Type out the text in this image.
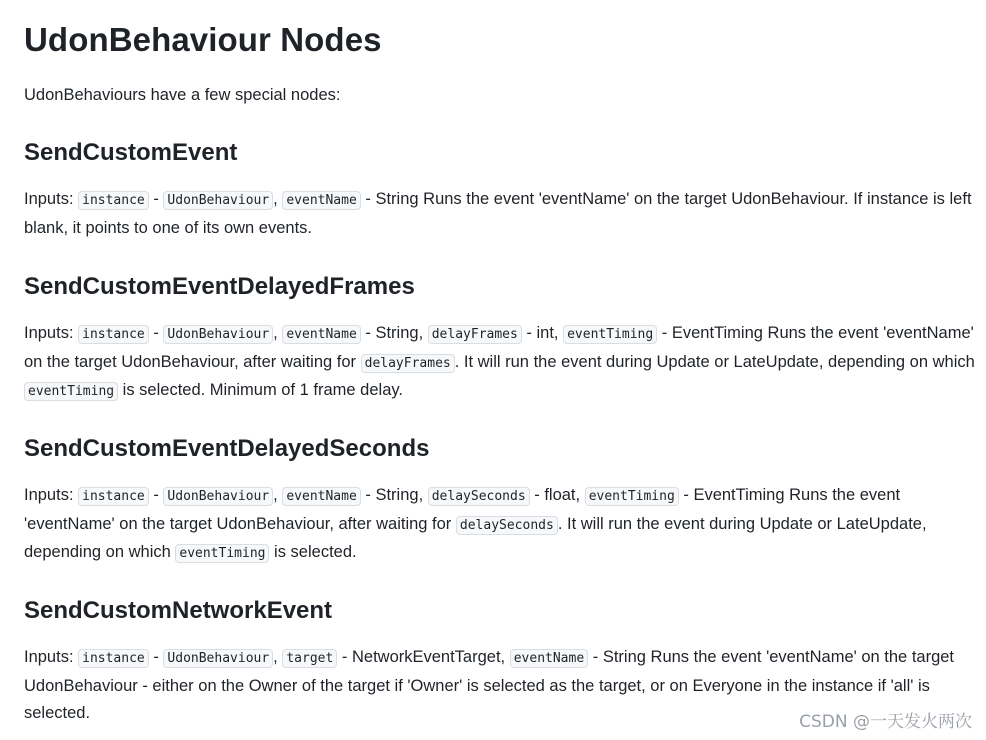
UdonBehaviour Nodes

UdonBehaviours have a few special nodes:

SendCustomEvent

Inputs: instance - UdonBehaviour , eventName - String Runs the event 'eventName' on the target UdonBehaviour. If instance is left blank, it points to one of its own events.

SendCustomEventDelayedFrames

Inputs: instance - UdonBehaviour , eventName - String, delayFrames - int, eventTiming - EventTiming Runs the event 'eventName' on the target UdonBehaviour, after waiting for delayFrames . It will run the event during Update or LateUpdate, depending on which eventTiming is selected. Minimum of 1 frame delay.

SendCustomEventDelayedSeconds

Inputs: instance - UdonBehaviour , eventName - String, delaySeconds - float, eventTiming - EventTiming Runs the event 'eventName' on the target UdonBehaviour, after waiting for delaySeconds . It will run the event during Update or LateUpdate, depending on which eventTiming is selected.

SendCustomNetworkEvent

Inputs: instance - UdonBehaviour , target - NetworkEventTarget, eventName - String Runs the event 'eventName' on the target UdonBehaviour - either on the Owner of the target if 'Owner' is selected as the target, or on Everyone in the instance if 'all' is selected.	CSDN @一天发火两次
